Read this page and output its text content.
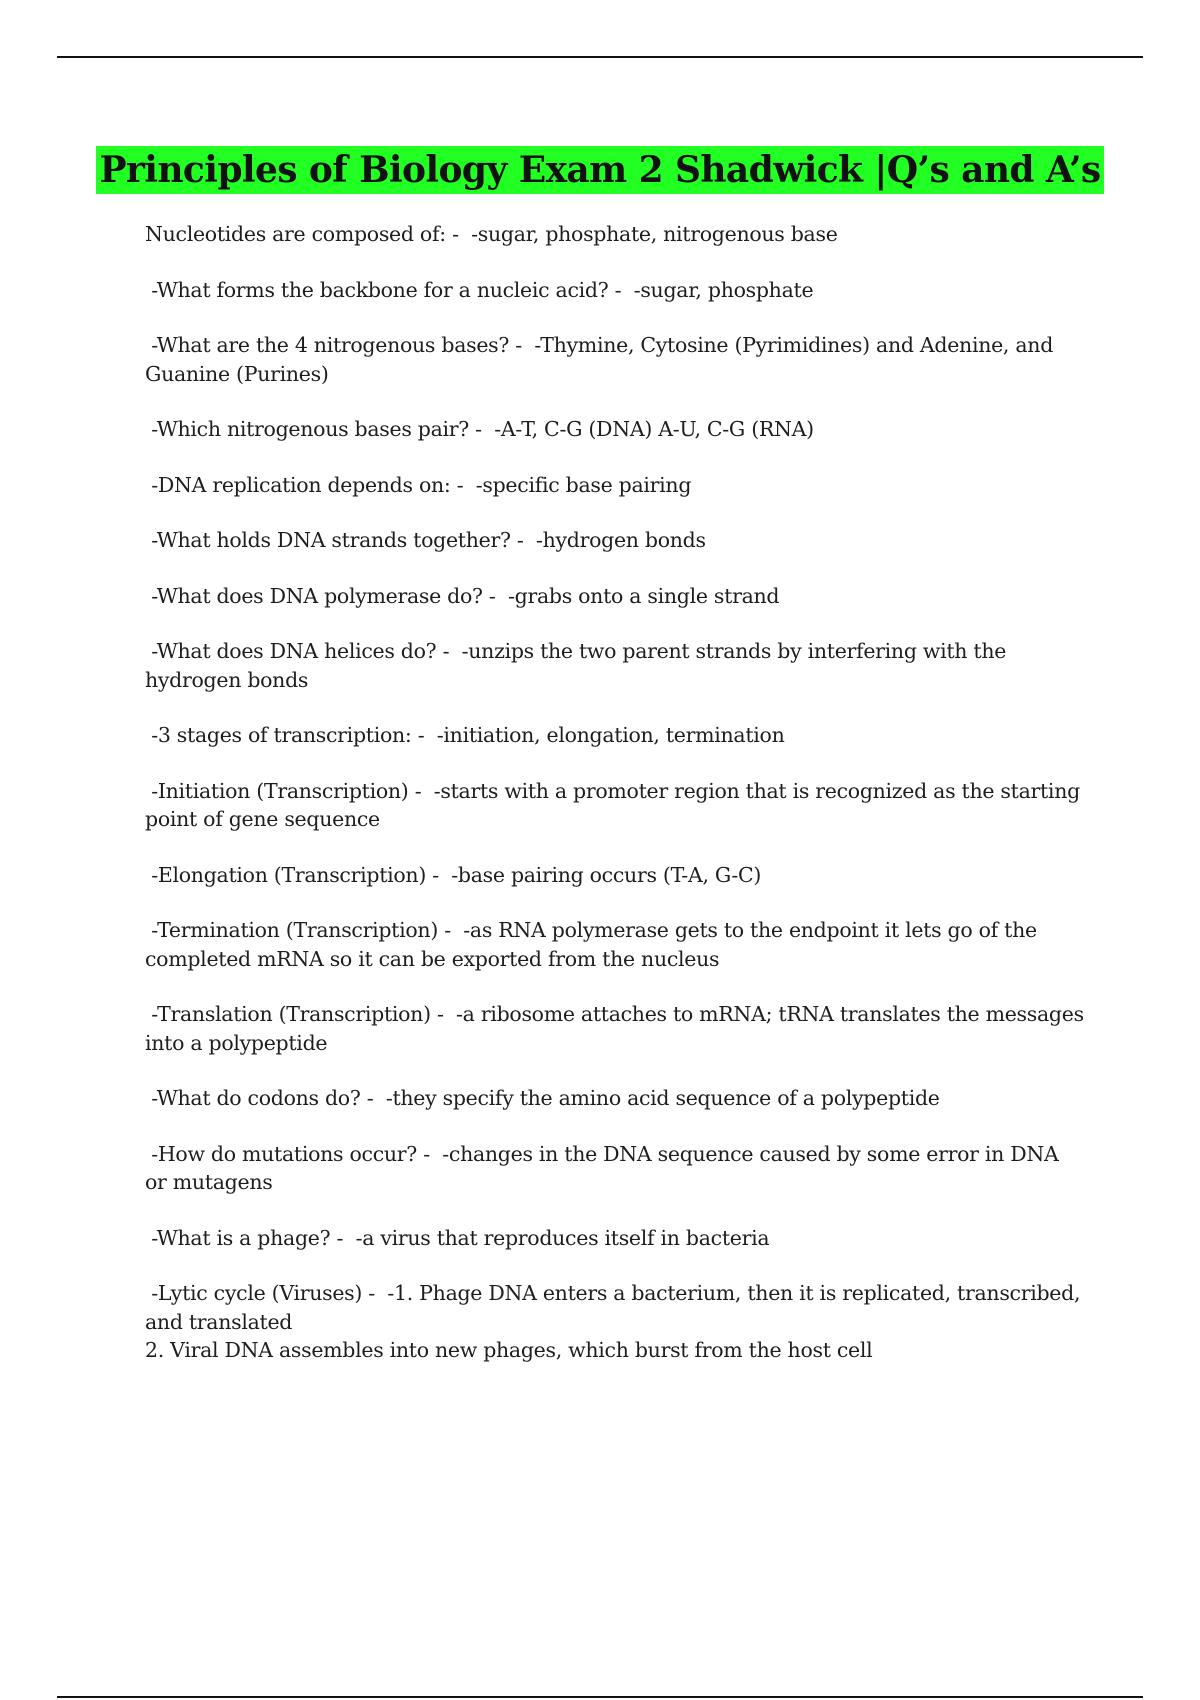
Principles of Biology Exam 2 Shadwick |Q’s and A’s

Nucleotides are composed of: -  -sugar, phosphate, nitrogenous base

-What forms the backbone for a nucleic acid? -  -sugar, phosphate

-What are the 4 nitrogenous bases? -  -Thymine, Cytosine (Pyrimidines) and Adenine, and Guanine (Purines)

-Which nitrogenous bases pair? -  -A-T, C-G (DNA) A-U, C-G (RNA)

-DNA replication depends on: -  -specific base pairing

-What holds DNA strands together? -  -hydrogen bonds

-What does DNA polymerase do? -  -grabs onto a single strand

-What does DNA helices do? -  -unzips the two parent strands by interfering with the hydrogen bonds

-3 stages of transcription: -  -initiation, elongation, termination

-Initiation (Transcription) -  -starts with a promoter region that is recognized as the starting point of gene sequence

-Elongation (Transcription) -  -base pairing occurs (T-A, G-C)

-Termination (Transcription) -  -as RNA polymerase gets to the endpoint it lets go of the completed mRNA so it can be exported from the nucleus

-Translation (Transcription) -  -a ribosome attaches to mRNA; tRNA translates the messages into a polypeptide

-What do codons do? -  -they specify the amino acid sequence of a polypeptide

-How do mutations occur? -  -changes in the DNA sequence caused by some error in DNA or mutagens

-What is a phage? -  -a virus that reproduces itself in bacteria

-Lytic cycle (Viruses) -  -1. Phage DNA enters a bacterium, then it is replicated, transcribed, and translated
2. Viral DNA assembles into new phages, which burst from the host cell
